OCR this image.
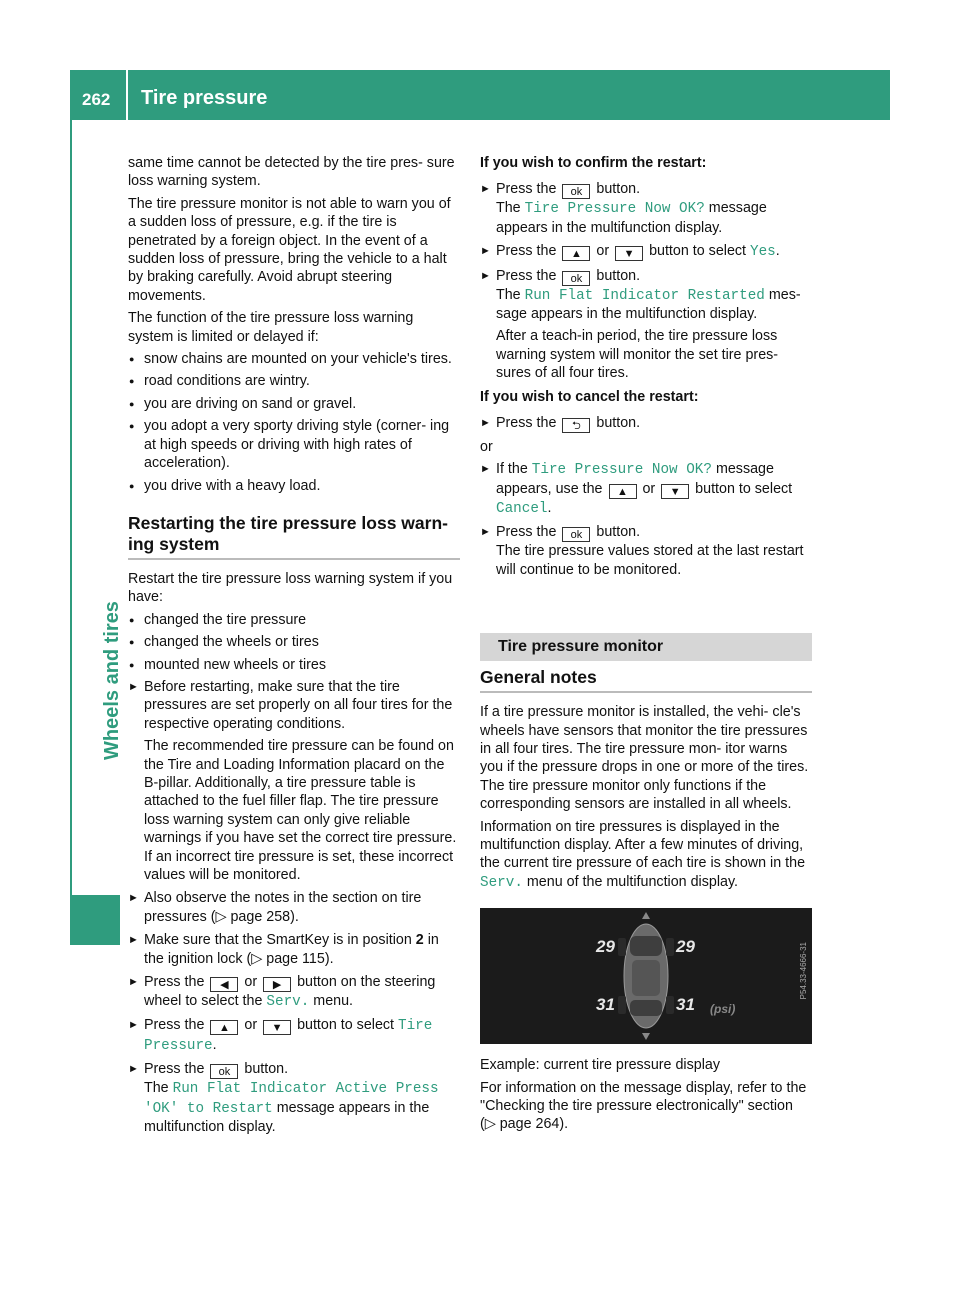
262 Tire pressure
Wheels and tires

same time cannot be detected by the tire pres- sure loss warning system.

The tire pressure monitor is not able to warn you of a sudden loss of pressure, e.g. if the tire is penetrated by a foreign object. In the event of a sudden loss of pressure, bring the vehicle to a halt by braking carefully. Avoid abrupt steering movements.

The function of the tire pressure loss warning system is limited or delayed if:

● snow chains are mounted on your vehicle's tires.
● road conditions are wintry.
● you are driving on sand or gravel.
● you adopt a very sporty driving style (corner- ing at high speeds or driving with high rates of acceleration).
● you drive with a heavy load.
Restarting the tire pressure loss warn- ing system

Restart the tire pressure loss warning system if you have:

● changed the tire pressure
● changed the wheels or tires
● mounted new wheels or tires
► Before restarting, make sure that the tire pressures are set properly on all four tires for the respective operating conditions.
The recommended tire pressure can be found on the Tire and Loading Information placard on the B-pillar. Additionally, a tire pressure table is attached to the fuel filler flap. The tire pressure loss warning system can only give reliable warnings if you have set the correct tire pressure. If an incorrect tire pressure is set, these incorrect values will be monitored.
► Also observe the notes in the section on tire pressures (▷ page 258).
► Make sure that the SmartKey is in position 2 in the ignition lock (▷ page 115).
► Press the ◀ or ▶ button on the steering wheel to select the Serv. menu.
► Press the ▲ or ▼ button to select Tire Pressure.
► Press the ok button.
The Run Flat Indicator Active Press 'OK' to Restart message appears in the multifunction display.
If you wish to confirm the restart:
► Press the ok button.
The Tire Pressure Now OK? message appears in the multifunction display.
► Press the ▲ or ▼ button to select Yes.
► Press the ok button.
The Run Flat Indicator Restarted mes- sage appears in the multifunction display.
After a teach-in period, the tire pressure loss warning system will monitor the set tire pres- sures of all four tires.
If you wish to cancel the restart:
► Press the ⮌ button.

or

► If the Tire Pressure Now OK? message appears, use the ▲ or ▼ button to select Cancel.
► Press the ok button.
The tire pressure values stored at the last restart will continue to be monitored.
Tire pressure monitor
General notes

If a tire pressure monitor is installed, the vehi- cle's wheels have sensors that monitor the tire pressures in all four tires. The tire pressure mon- itor warns you if the pressure drops in one or more of the tires. The tire pressure monitor only functions if the corresponding sensors are installed in all wheels.

Information on tire pressures is displayed in the multifunction display. After a few minutes of driving, the current tire pressure of each tire is shown in the Serv. menu of the multifunction display.

29	29
31	31 (psi)
P54.33-4666-31

Example: current tire pressure display

For information on the message display, refer to the "Checking the tire pressure electronically" section (▷ page 264).
